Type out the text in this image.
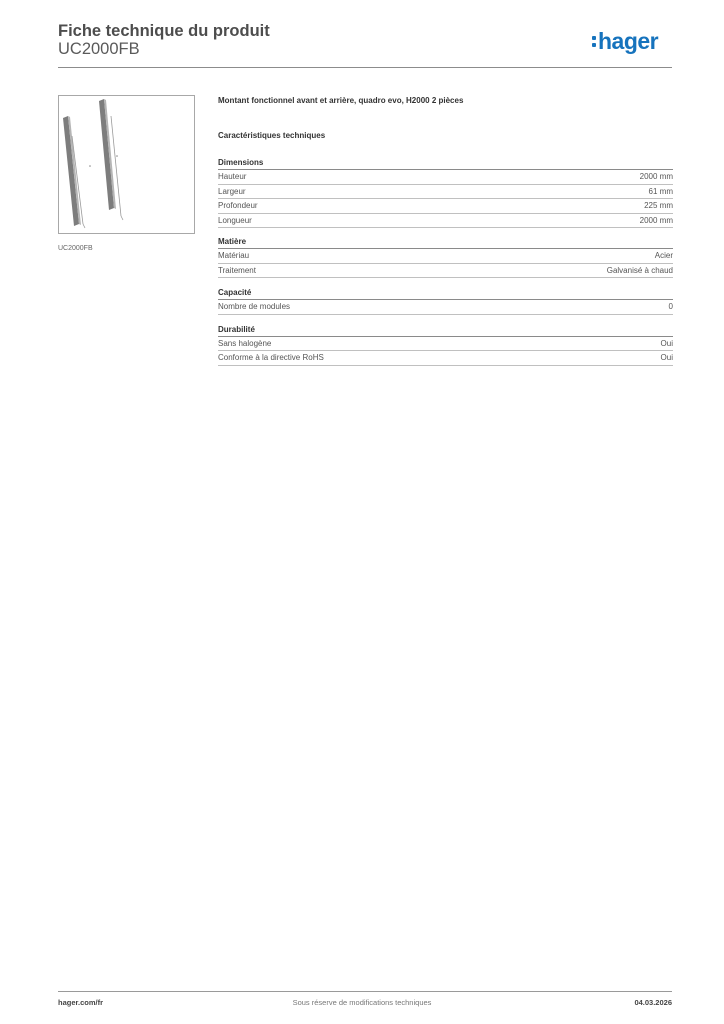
Fiche technique du produit
UC2000FB	hager
UC2000FB
Montant fonctionnel avant et arrière, quadro evo, H2000 2 pièces
Caractéristiques techniques
Dimensions
Hauteur	2000 mm
Largeur	61 mm
Profondeur	225 mm
Longueur	2000 mm
Matière
Matériau	Acier
Traitement	Galvanisé à chaud
Capacité
Nombre de modules	0
Durabilité
Sans halogène	Oui
Conforme à la directive RoHS	Oui
hager.com/fr	Sous réserve de modifications techniques	04.03.2026
